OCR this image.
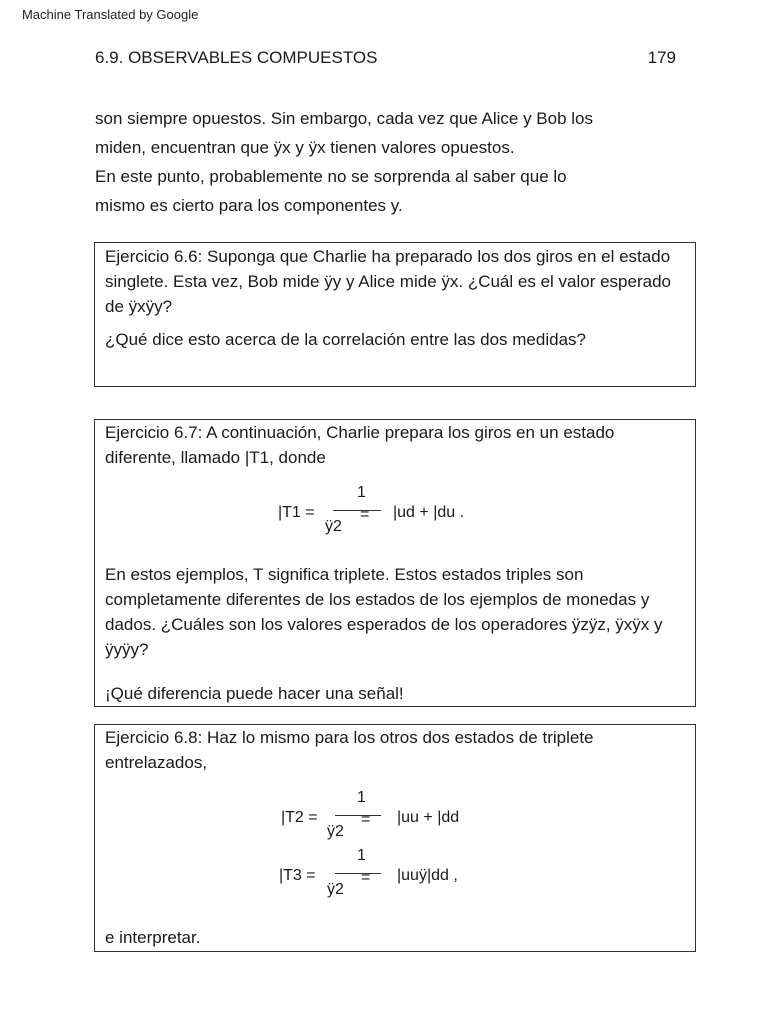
Machine Translated by Google
6.9. OBSERVABLES COMPUESTOS	179

son siempre opuestos. Sin embargo, cada vez que Alice y Bob los

miden, encuentran que ÿx y ÿx tienen valores opuestos.

En este punto, probablemente no se sorprenda al saber que lo

mismo es cierto para los componentes y.

Ejercicio 6.6: Suponga que Charlie ha preparado los dos giros en el estado singlete. Esta vez, Bob mide ÿy y Alice mide ÿx. ¿Cuál es el valor esperado de ÿxÿy?

¿Qué dice esto acerca de la correlación entre las dos medidas?

Ejercicio 6.7: A continuación, Charlie prepara los giros en un estado diferente, llamado |T1, donde

|T1 =
1
ÿ2
= |ud + |du .

En estos ejemplos, T significa triplete. Estos estados triples son completamente diferentes de los estados de los ejemplos de monedas y dados. ¿Cuáles son los valores esperados de los operadores ÿzÿz, ÿxÿx y ÿyÿy?

¡Qué diferencia puede hacer una señal!

Ejercicio 6.8: Haz lo mismo para los otros dos estados de triplete entrelazados,

|T2 =
1
ÿ2
= |uu + |dd
|T3 =
1
ÿ2
= |uuÿ|dd ,

e interpretar.
